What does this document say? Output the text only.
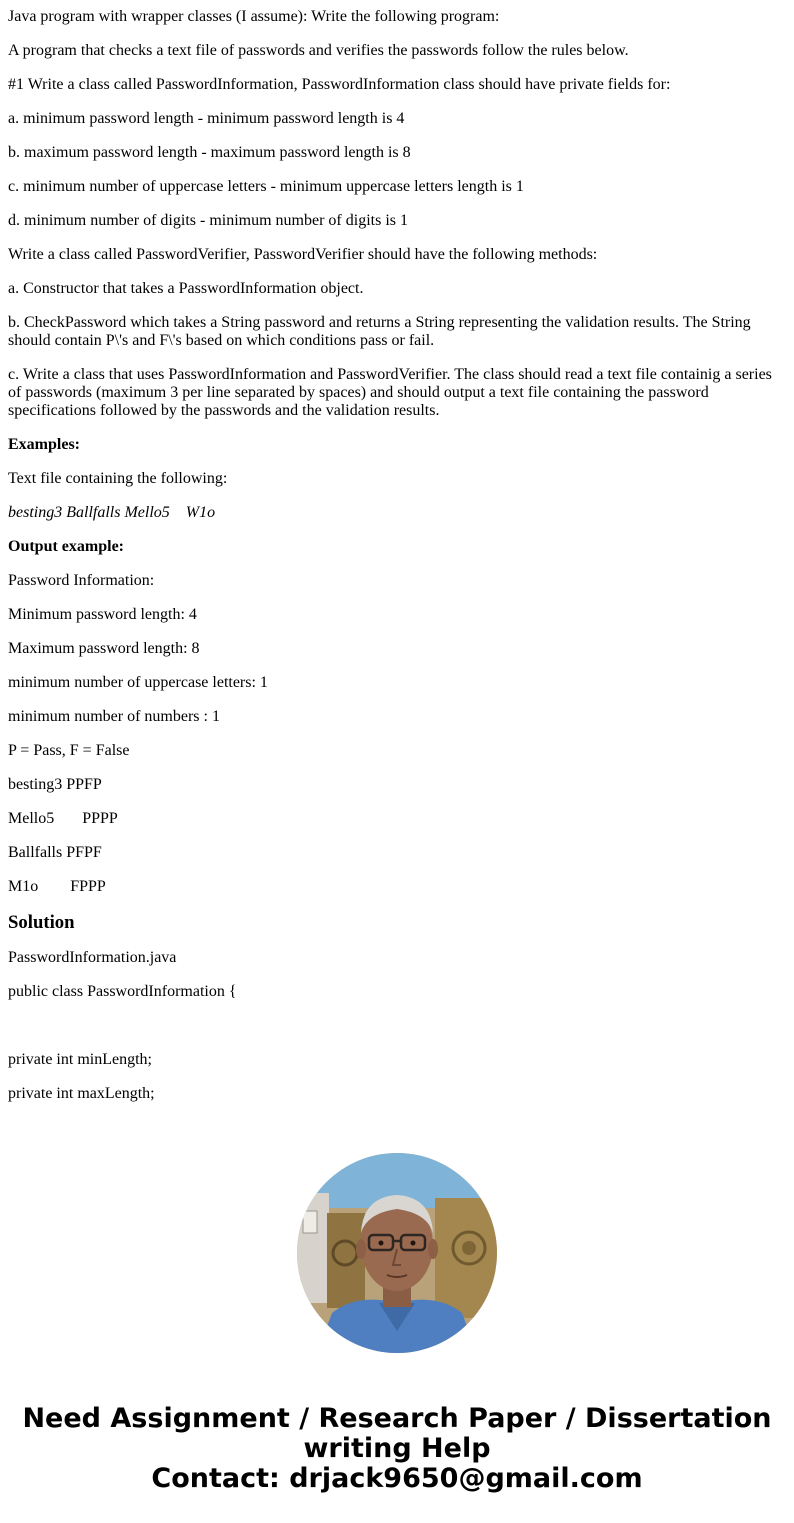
Java program with wrapper classes (I assume): Write the following program:

A program that checks a text file of passwords and verifies the passwords follow the rules below.

#1 Write a class called PasswordInformation, PasswordInformation class should have private fields for:

a. minimum password length - minimum password length is 4

b. maximum password length - maximum password length is 8

c. minimum number of uppercase letters - minimum uppercase letters length is 1

d. minimum number of digits - minimum number of digits is 1

Write a class called PasswordVerifier, PasswordVerifier should have the following methods:

a. Constructor that takes a PasswordInformation object.

b. CheckPassword which takes a String password and returns a String representing the validation results. The String should contain P\'s and F\'s based on which conditions pass or fail.

c. Write a class that uses PasswordInformation and PasswordVerifier. The class should read a text file containig a series of passwords (maximum 3 per line separated by spaces) and should output a text file containing the password specifications followed by the passwords and the validation results.

Examples:

Text file containing the following:

besting3 Ballfalls Mello5    W1o

Output example:

Password Information:

Minimum password length: 4

Maximum password length: 8

minimum number of uppercase letters: 1

minimum number of numbers : 1

P = Pass, F = False

besting3 PPFP

Mello5       PPPP

Ballfalls PFPF

M1o        FPPP

Solution

PasswordInformation.java

public class PasswordInformation {

private int minLength;

private int maxLength;

Need Assignment / Research Paper / Dissertation
writing Help
Contact: drjack9650@gmail.com
